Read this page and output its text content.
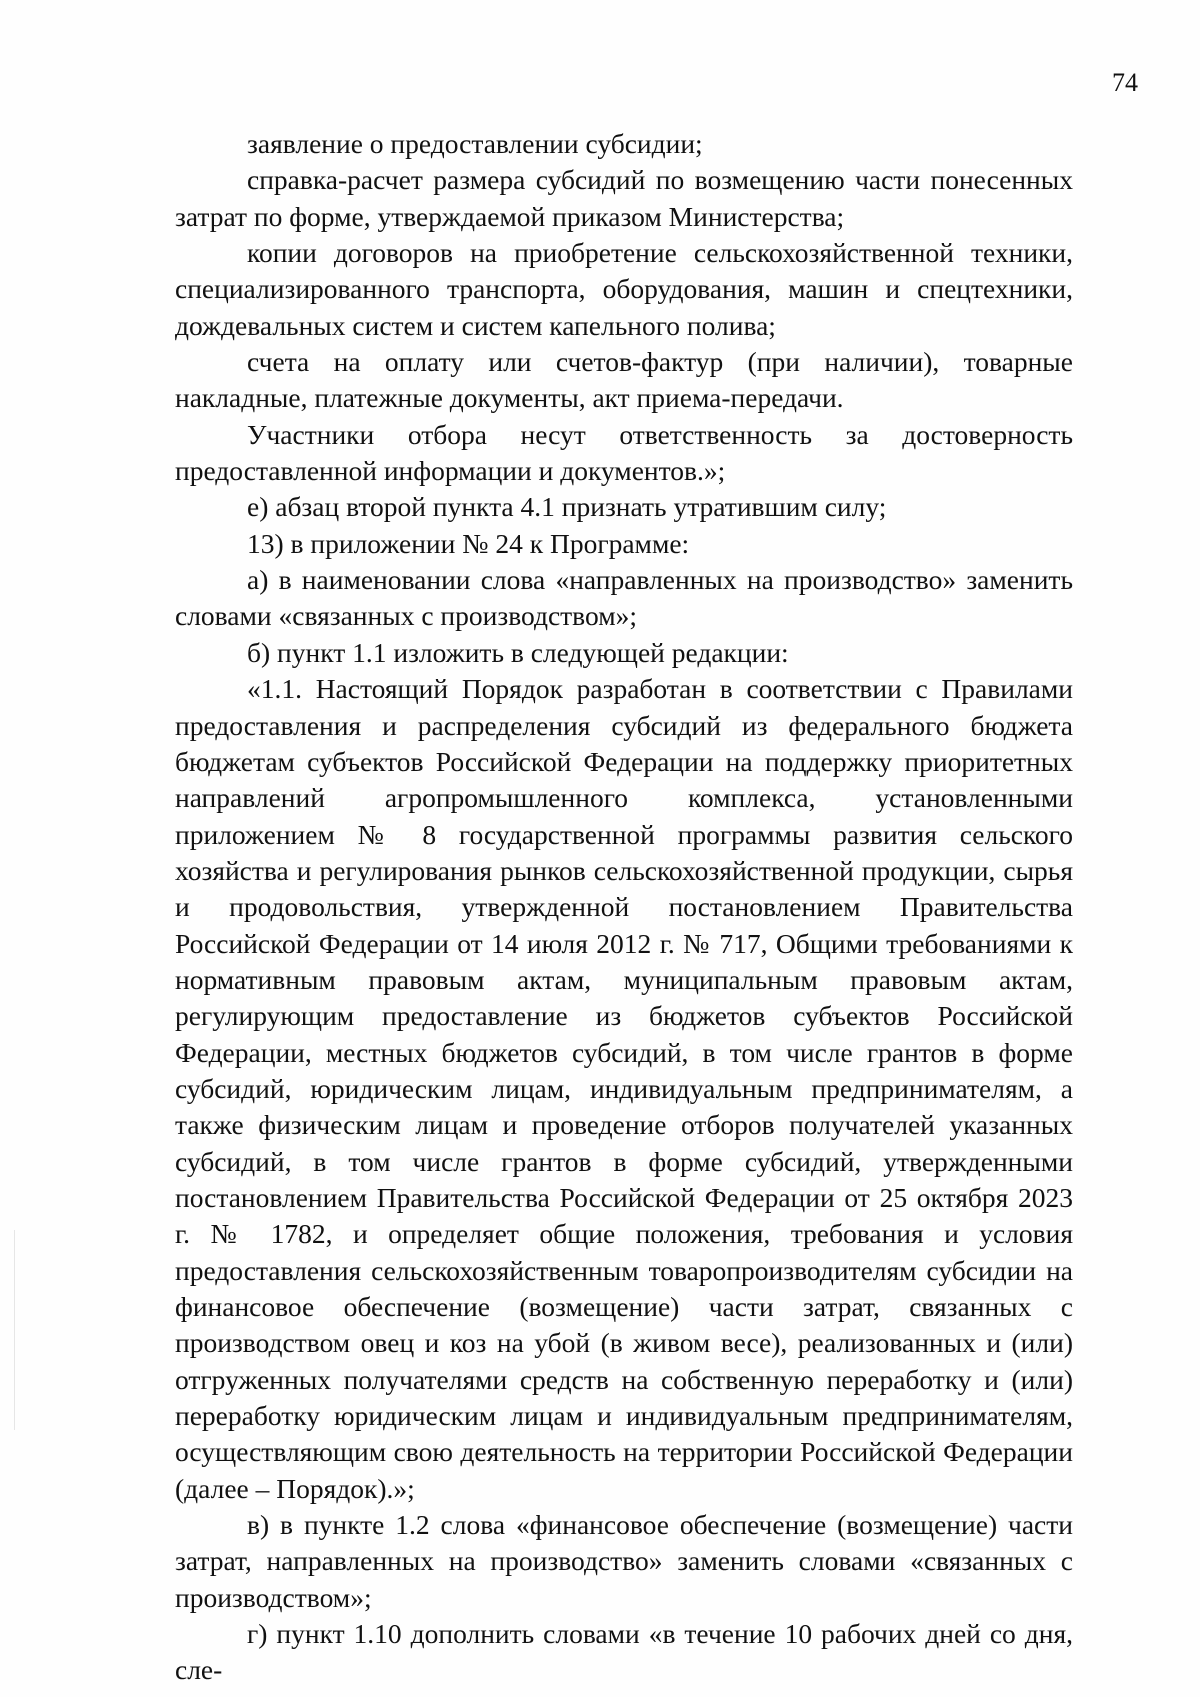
74

заявление о предоставлении субсидии;

справка-расчет размера субсидий по возмещению части понесенных затрат по форме, утверждаемой приказом Министерства;

копии договоров на приобретение сельскохозяйственной техники, специализированного транспорта, оборудования, машин и спецтехники, дождевальных систем и систем капельного полива;

счета на оплату или счетов-фактур (при наличии), товарные накладные, платежные документы, акт приема-передачи.

Участники отбора несут ответственность за достоверность предоставленной информации и документов.»;

е) абзац второй пункта 4.1 признать утратившим силу;

13) в приложении № 24 к Программе:

а) в наименовании слова «направленных на производство» заменить словами «связанных с производством»;

б) пункт 1.1 изложить в следующей редакции:

«1.1. Настоящий Порядок разработан в соответствии с Правилами предоставления и распределения субсидий из федерального бюджета бюджетам субъектов Российской Федерации на поддержку приоритетных направлений агропромышленного комплекса, установленными приложением № 8 государственной программы развития сельского хозяйства и регулирования рынков сельскохозяйственной продукции, сырья и продовольствия, утвержденной постановлением Правительства Российской Федерации от 14 июля 2012 г. № 717, Общими требованиями к нормативным правовым актам, муниципальным правовым актам, регулирующим предоставление из бюджетов субъектов Российской Федерации, местных бюджетов субсидий, в том числе грантов в форме субсидий, юридическим лицам, индивидуальным предпринимателям, а также физическим лицам и проведение отборов получателей указанных субсидий, в том числе грантов в форме субсидий, утвержденными постановлением Правительства Российской Федерации от 25 октября 2023 г. № 1782, и определяет общие положения, требования и условия предоставления сельскохозяйственным товаропроизводителям субсидии на финансовое обеспечение (возмещение) части затрат, связанных с производством овец и коз на убой (в живом весе), реализованных и (или) отгруженных получателями средств на собственную переработку и (или) переработку юридическим лицам и индивидуальным предпринимателям, осуществляющим свою деятельность на территории Российской Федерации (далее – Порядок).»;

в) в пункте 1.2 слова «финансовое обеспечение (возмещение) части затрат, направленных на производство» заменить словами «связанных с производством»;

г) пункт 1.10 дополнить словами «в течение 10 рабочих дней со дня, сле-
